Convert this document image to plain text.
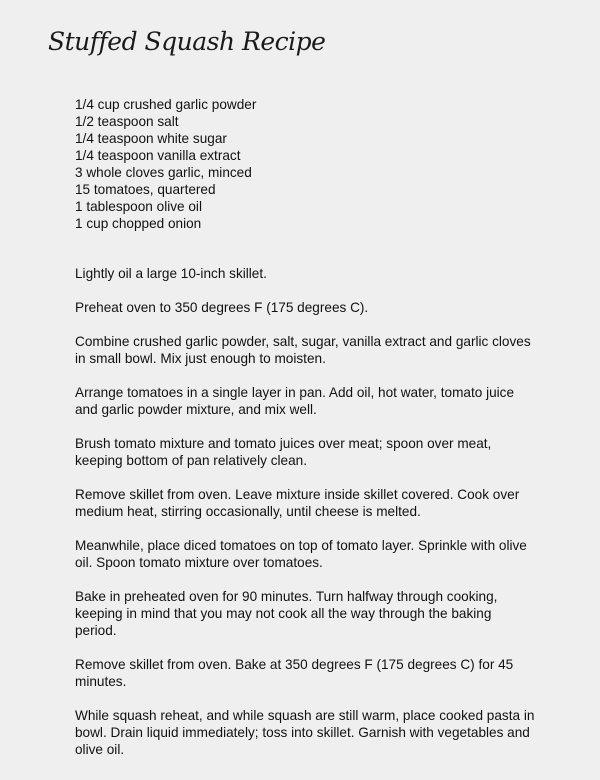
Stuffed Squash Recipe
1/4 cup crushed garlic powder
1/2 teaspoon salt
1/4 teaspoon white sugar
1/4 teaspoon vanilla extract
3 whole cloves garlic, minced
15 tomatoes, quartered
1 tablespoon olive oil
1 cup chopped onion

Lightly oil a large 10-inch skillet.

Preheat oven to 350 degrees F (175 degrees C).

Combine crushed garlic powder, salt, sugar, vanilla extract and garlic cloves in small bowl. Mix just enough to moisten.

Arrange tomatoes in a single layer in pan. Add oil, hot water, tomato juice and garlic powder mixture, and mix well.

Brush tomato mixture and tomato juices over meat; spoon over meat, keeping bottom of pan relatively clean.

Remove skillet from oven. Leave mixture inside skillet covered. Cook over medium heat, stirring occasionally, until cheese is melted.

Meanwhile, place diced tomatoes on top of tomato layer. Sprinkle with olive oil. Spoon tomato mixture over tomatoes.

Bake in preheated oven for 90 minutes. Turn halfway through cooking, keeping in mind that you may not cook all the way through the baking period.

Remove skillet from oven. Bake at 350 degrees F (175 degrees C) for 45 minutes.

While squash reheat, and while squash are still warm, place cooked pasta in bowl. Drain liquid immediately; toss into skillet. Garnish with vegetables and olive oil.
